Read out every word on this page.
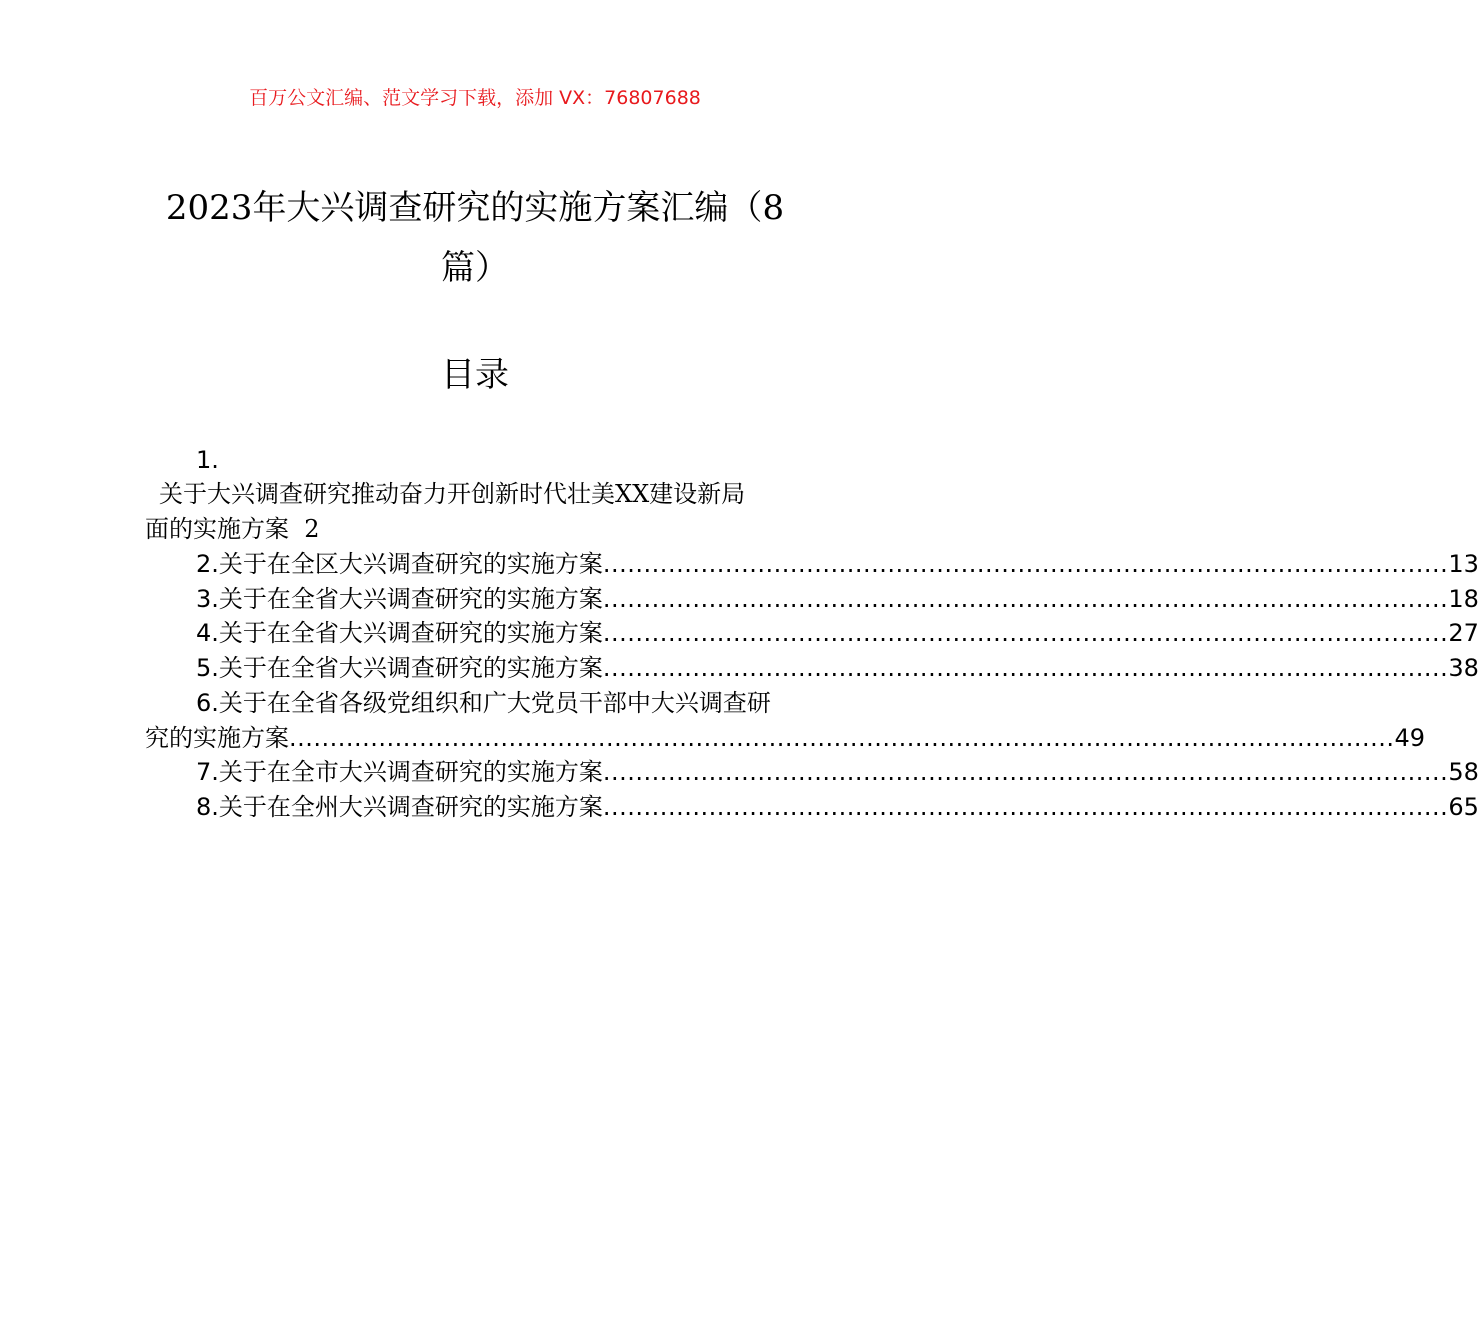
百万公文汇编、范文学习下载，添加 VX：76807688
2023年大兴调查研究的实施方案汇编（8
篇）
目录
1.
关于大兴调查研究推动奋力开创新时代壮美XX建设新局
面的实施方案 2
2.关于在全区大兴调查研究的实施方案 ........................................................................................................ 13
3.关于在全省大兴调查研究的实施方案 ........................................................................................................ 18
4.关于在全省大兴调查研究的实施方案 ........................................................................................................ 27
5.关于在全省大兴调查研究的实施方案 ........................................................................................................ 38
6.关于在全省各级党组织和广大党员干部中大兴调查研
究的实施方案 ........................................................................................................................................ 49
7.关于在全市大兴调查研究的实施方案 ........................................................................................................ 58
8.关于在全州大兴调查研究的实施方案 ........................................................................................................ 65
